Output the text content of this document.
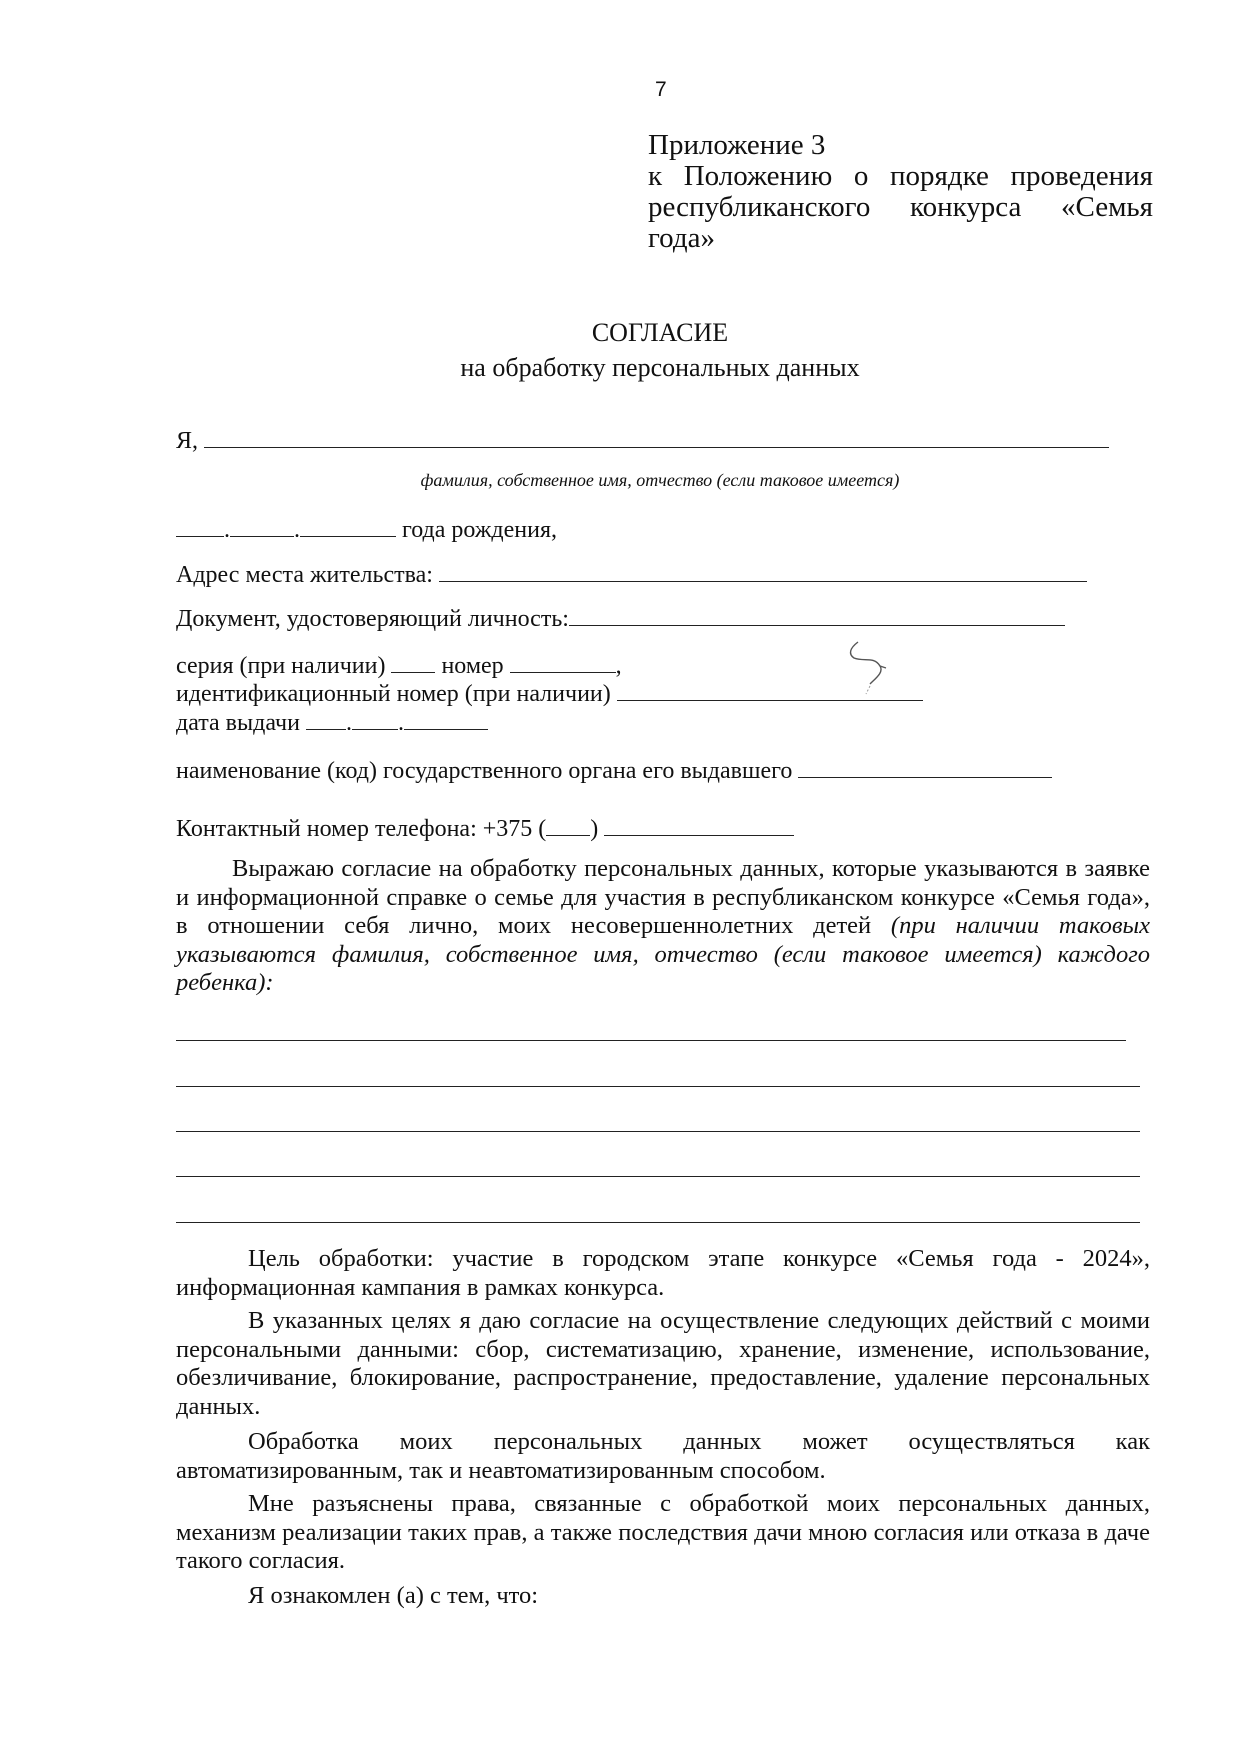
7
Приложение 3
к Положению о порядке проведения
республиканского конкурса «Семья
года»
СОГЛАСИЕ
на обработку персональных данных
Я,
фамилия, собственное имя, отчество (если таковое имеется)
.	.	года рождения,
Адрес места жительства:
Документ, удостоверяющий личность:
серия (при наличии) номер	,
идентификационный номер (при наличии)
дата выдачи . .
наименование (код) государственного органа его выдавшего
Контактный номер телефона: +375 ( )
Выражаю согласие на обработку персональных данных, которые указываются в заявке и информационной справке о семье для участия в республиканском конкурсе «Семья года», в отношении себя лично, моих несовершеннолетних детей (при наличии таковых указываются фамилия, собственное имя, отчество (если таковое имеется) каждого ребенка):
Цель обработки: участие в городском этапе конкурсе «Семья года - 2024», информационная кампания в рамках конкурса.
В указанных целях я даю согласие на осуществление следующих действий с моими персональными данными: сбор, систематизацию, хранение, изменение, использование, обезличивание, блокирование, распространение, предоставление, удаление персональных данных.
Обработка моих персональных данных может осуществляться как автоматизированным, так и неавтоматизированным способом.
Мне разъяснены права, связанные с обработкой моих персональных данных, механизм реализации таких прав, а также последствия дачи мною согласия или отказа в даче такого согласия.
Я ознакомлен (а) с тем, что:
